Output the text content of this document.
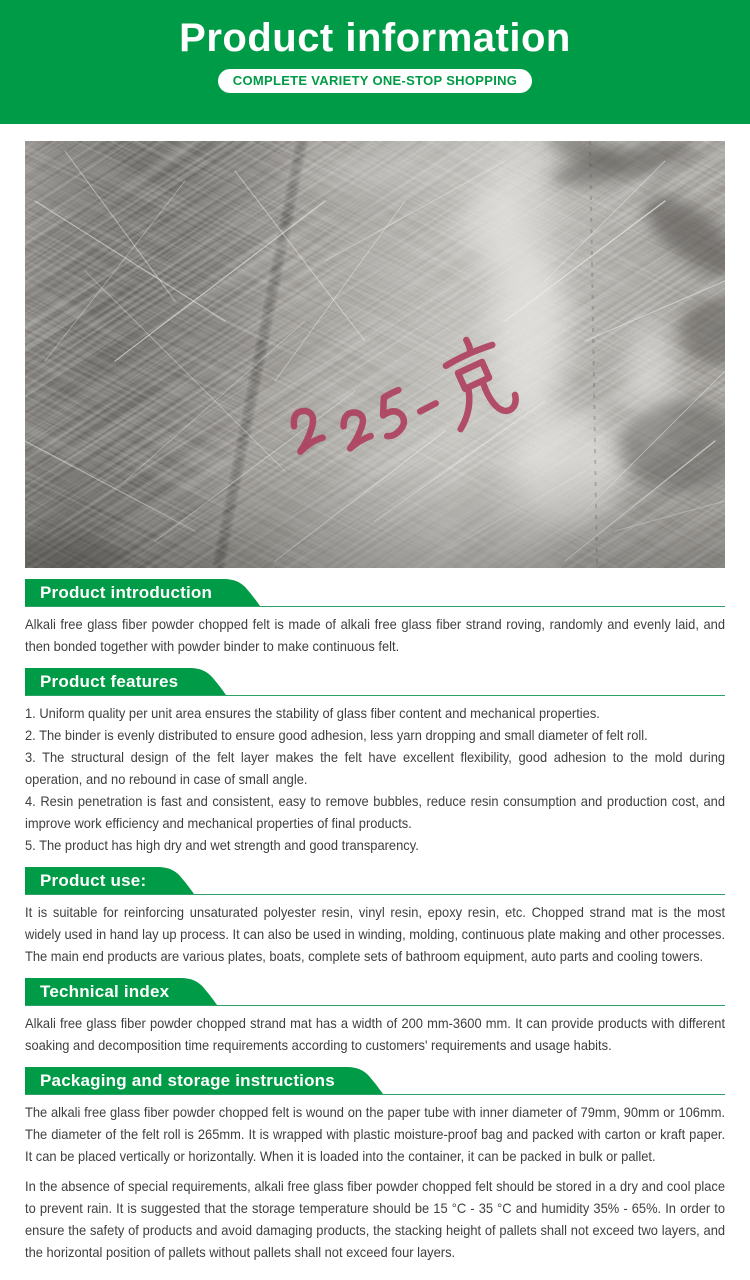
Product information
COMPLETE VARIETY ONE-STOP SHOPPING
Product introduction

Alkali free glass fiber powder chopped felt is made of alkali free glass fiber strand roving, randomly and evenly laid, and then bonded together with powder binder to make continuous felt.

Product features

1. Uniform quality per unit area ensures the stability of glass fiber content and mechanical properties.

2. The binder is evenly distributed to ensure good adhesion, less yarn dropping and small diameter of felt roll.

3. The structural design of the felt layer makes the felt have excellent flexibility, good adhesion to the mold during operation, and no rebound in case of small angle.

4. Resin penetration is fast and consistent, easy to remove bubbles, reduce resin consumption and production cost, and improve work efficiency and mechanical properties of final products.

5. The product has high dry and wet strength and good transparency.

Product use:

It is suitable for reinforcing unsaturated polyester resin, vinyl resin, epoxy resin, etc. Chopped strand mat is the most widely used in hand lay up process. It can also be used in winding, molding, continuous plate making and other processes. The main end products are various plates, boats, complete sets of bathroom equipment, auto parts and cooling towers.

Technical index

Alkali free glass fiber powder chopped strand mat has a width of 200 mm-3600 mm. It can provide products with different soaking and decomposition time requirements according to customers' requirements and usage habits.

Packaging and storage instructions

The alkali free glass fiber powder chopped felt is wound on the paper tube with inner diameter of 79mm, 90mm or 106mm. The diameter of the felt roll is 265mm. It is wrapped with plastic moisture-proof bag and packed with carton or kraft paper. It can be placed vertically or horizontally. When it is loaded into the container, it can be packed in bulk or pallet.

In the absence of special requirements, alkali free glass fiber powder chopped felt should be stored in a dry and cool place to prevent rain. It is suggested that the storage temperature should be 15 °C - 35 °C and humidity 35% - 65%. In order to ensure the safety of products and avoid damaging products, the stacking height of pallets shall not exceed two layers, and the horizontal position of pallets without pallets shall not exceed four layers.
